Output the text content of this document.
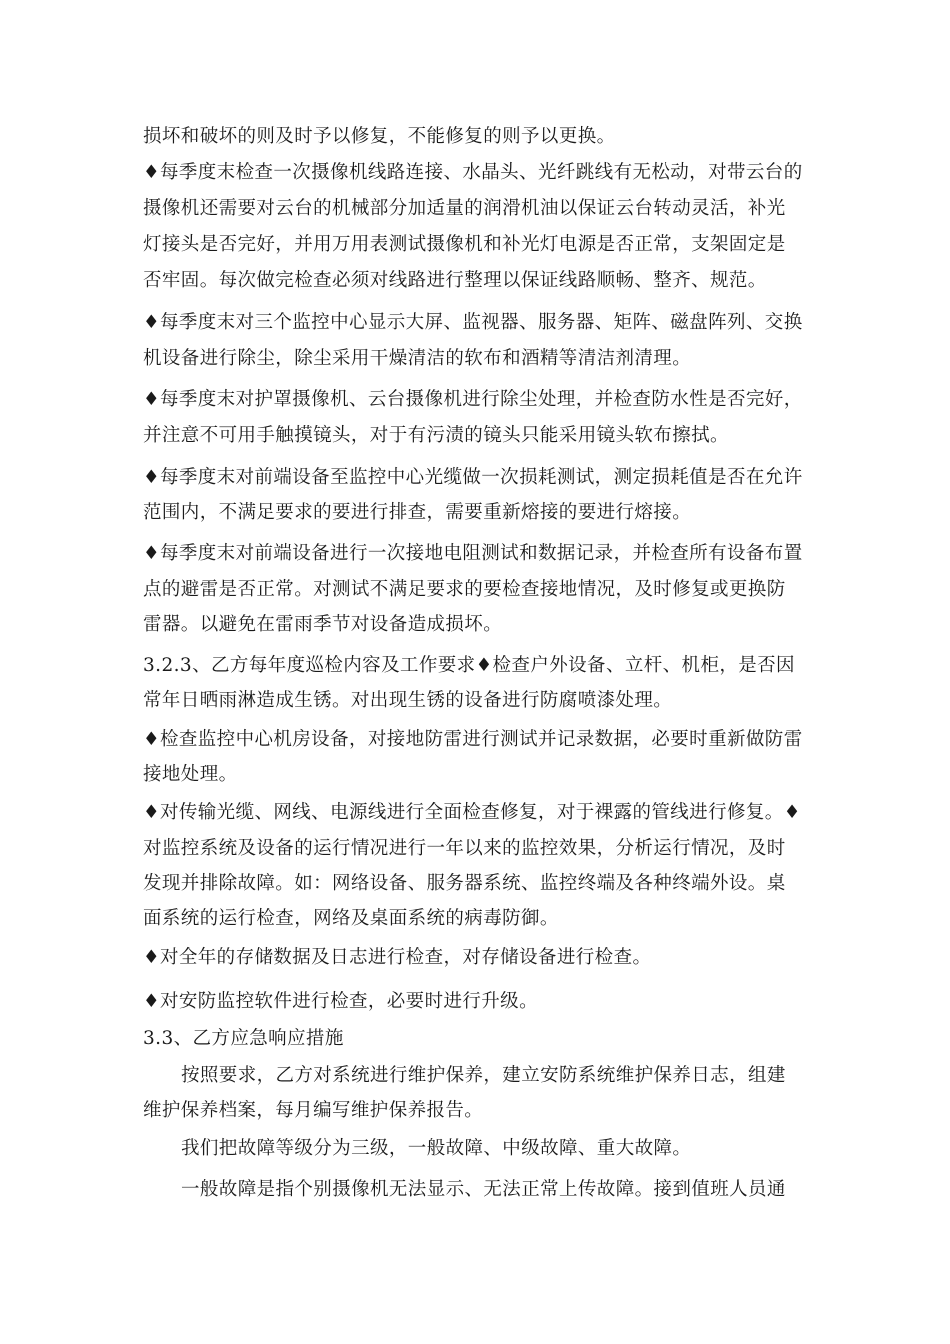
损坏和破坏的则及时予以修复，不能修复的则予以更换。
♦每季度末检查一次摄像机线路连接、水晶头、光纤跳线有无松动，对带云台的
摄像机还需要对云台的机械部分加适量的润滑机油以保证云台转动灵活，补光
灯接头是否完好，并用万用表测试摄像机和补光灯电源是否正常，支架固定是
否牢固。每次做完检查必须对线路进行整理以保证线路顺畅、整齐、规范。
♦每季度末对三个监控中心显示大屏、监视器、服务器、矩阵、磁盘阵列、交换
机设备进行除尘，除尘采用干燥清洁的软布和酒精等清洁剂清理。
♦每季度末对护罩摄像机、云台摄像机进行除尘处理，并检查防水性是否完好，
并注意不可用手触摸镜头，对于有污渍的镜头只能采用镜头软布擦拭。
♦每季度末对前端设备至监控中心光缆做一次损耗测试，测定损耗值是否在允许
范围内，不满足要求的要进行排查，需要重新熔接的要进行熔接。
♦每季度末对前端设备进行一次接地电阻测试和数据记录，并检查所有设备布置
点的避雷是否正常。对测试不满足要求的要检查接地情况，及时修复或更换防
雷器。以避免在雷雨季节对设备造成损坏。
3.2.3、乙方每年度巡检内容及工作要求♦检查户外设备、立杆、机柜，是否因
常年日晒雨淋造成生锈。对出现生锈的设备进行防腐喷漆处理。
♦检查监控中心机房设备，对接地防雷进行测试并记录数据，必要时重新做防雷
接地处理。
♦对传输光缆、网线、电源线进行全面检查修复，对于裸露的管线进行修复。♦
对监控系统及设备的运行情况进行一年以来的监控效果，分析运行情况，及时
发现并排除故障。如：网络设备、服务器系统、监控终端及各种终端外设。桌
面系统的运行检查，网络及桌面系统的病毒防御。
♦对全年的存储数据及日志进行检查，对存储设备进行检查。
♦对安防监控软件进行检查，必要时进行升级。
3.3、乙方应急响应措施
按照要求，乙方对系统进行维护保养，建立安防系统维护保养日志，组建
维护保养档案，每月编写维护保养报告。
我们把故障等级分为三级，一般故障、中级故障、重大故障。
一般故障是指个别摄像机无法显示、无法正常上传故障。接到值班人员通
